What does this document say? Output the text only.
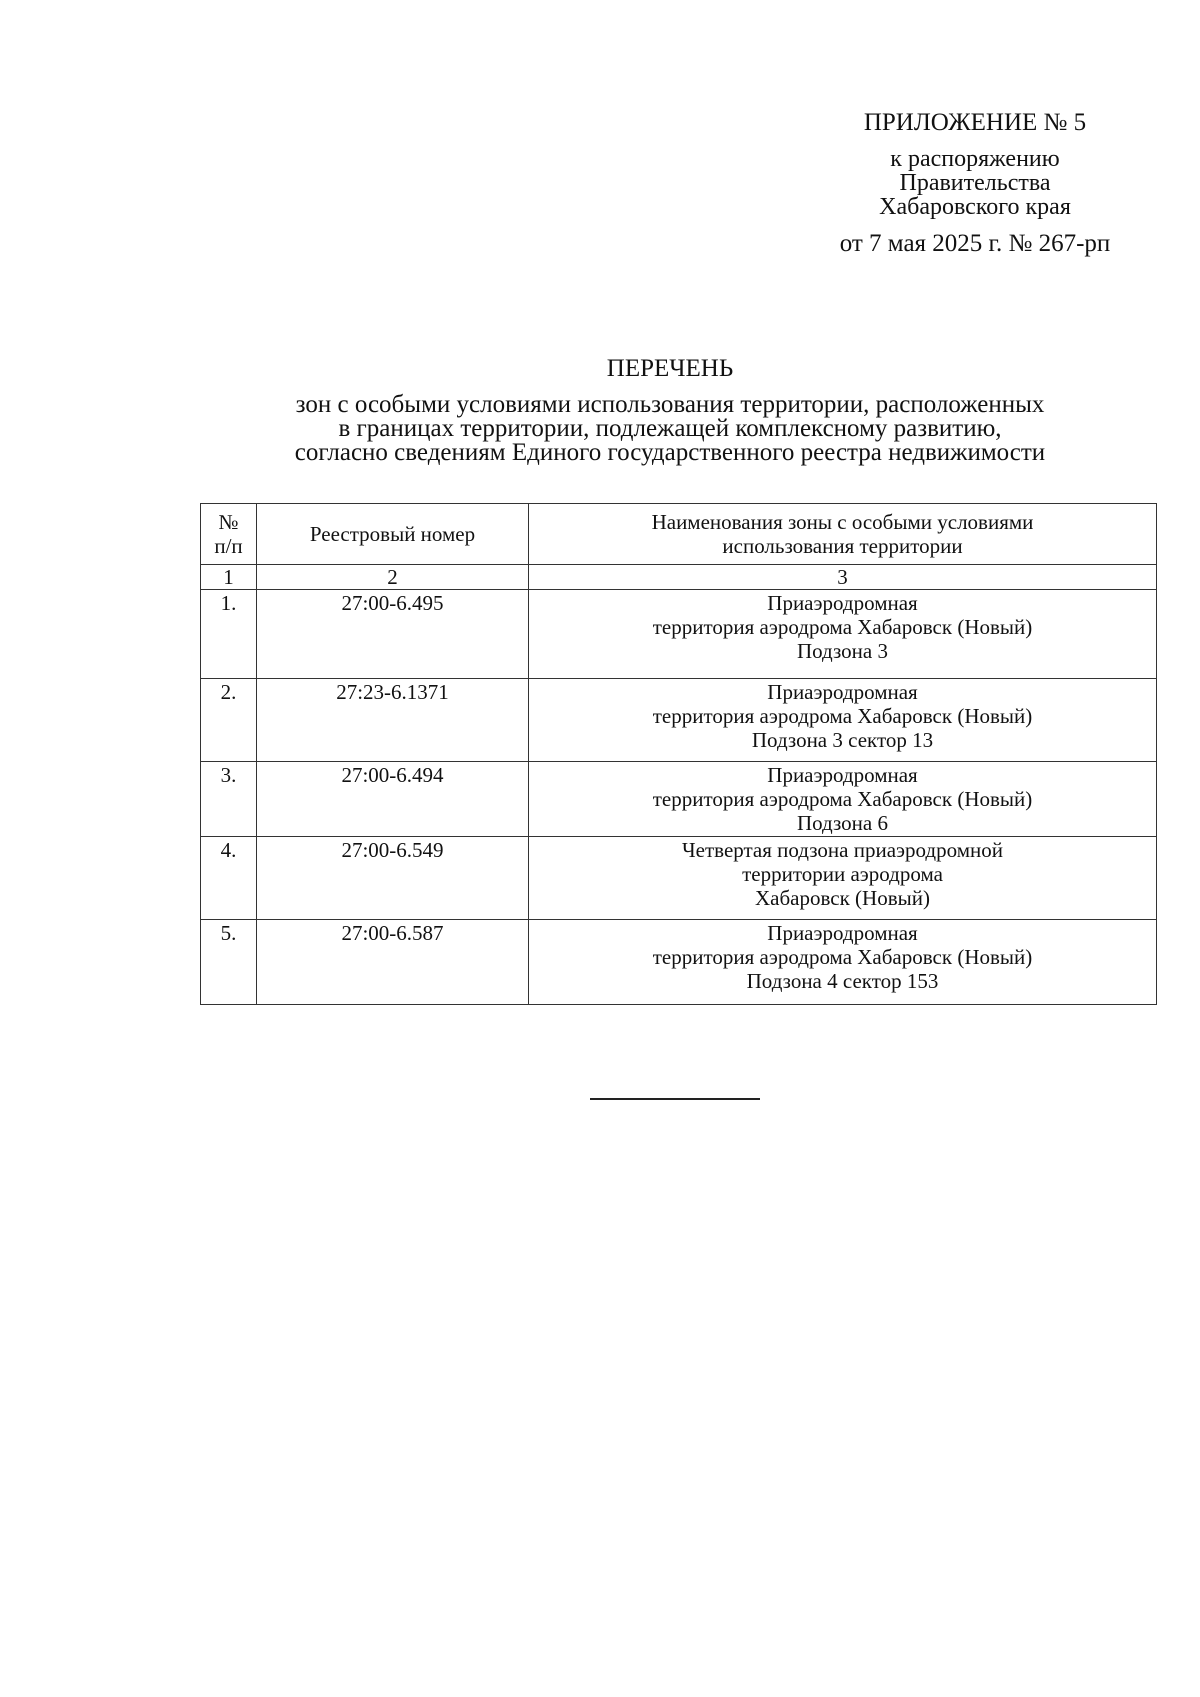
ПРИЛОЖЕНИЕ № 5
к распоряжению
Правительства
Хабаровского края
от 7 мая 2025 г. № 267-рп
ПЕРЕЧЕНЬ
зон с особыми условиями использования территории, расположенных
в границах территории, подлежащей комплексному развитию,
согласно сведениям Единого государственного реестра недвижимости
№
п/п	Реестровый номер	Наименования зоны с особыми условиями
использования территории

1	2	3
1.	27:00-6.495	Приаэродромная
территория аэродрома Хабаровск (Новый)
Подзона 3

2.	27:23-6.1371	Приаэродромная
территория аэродрома Хабаровск (Новый)
Подзона 3 сектор 13

3.	27:00-6.494	Приаэродромная
территория аэродрома Хабаровск (Новый)
Подзона 6

4.	27:00-6.549	Четвертая подзона приаэродромной
территории аэродрома
Хабаровск (Новый)

5.	27:00-6.587	Приаэродромная
территория аэродрома Хабаровск (Новый)
Подзона 4 сектор 153
